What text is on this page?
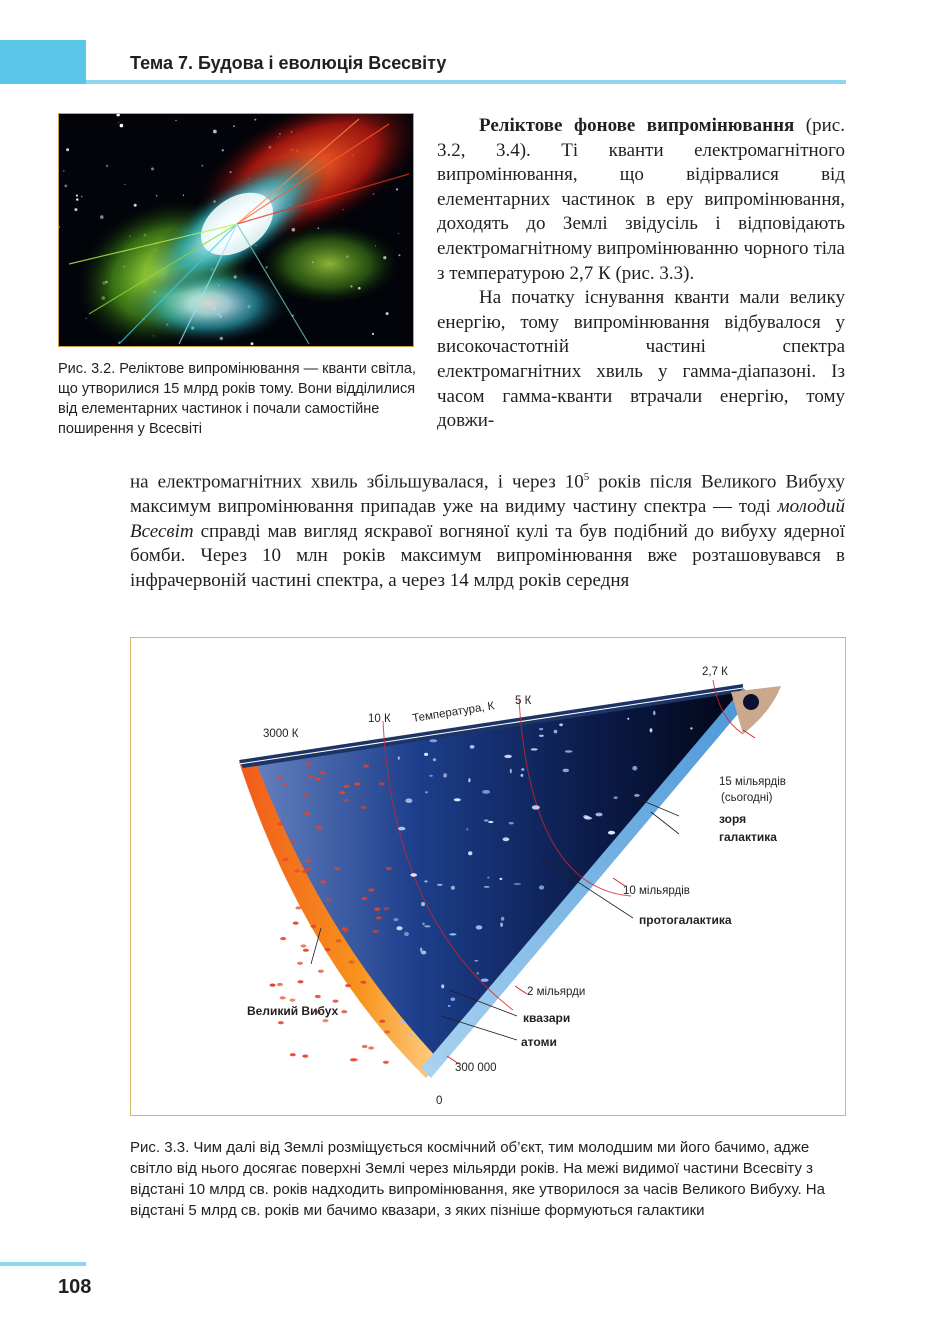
Тема 7. Будова і еволюція Всесвіту
Рис. 3.2. Реліктове випромінювання — кванти світла, що утворилися 15 млрд років тому. Вони відділилися від елементарних частинок і почали самостійне поширення у Всесвіті

Реліктове фонове випромінювання (рис. 3.2, 3.4). Ті кванти електромагнітного випромінювання, що відірвалися від елементарних частинок в еру випромінювання, доходять до Землі звідусіль і відповідають електромагнітному випромінюванню чорного тіла з температурою 2,7 К (рис. 3.3).

На початку існування кванти мали велику енергію, тому випромінювання відбувалося у високочастотній частині спектра електромагнітних хвиль у гамма-діапазоні. Із часом гамма-кванти втрачали енергію, тому довжи-

на електромагнітних хвиль збільшувалася, і через $10^5$ років після Великого Вибуху максимум випромінювання припадав уже на видиму частину спектра — тоді молодий Всесвіт справді мав вигляд яскравої вогняної кулі та був подібний до вибуху ядерної бомби. Через 10 млн років максимум випромінювання вже розташовувався в інфрачервоній частині спектра, а через 14 млрд років середня

3000 К
10 К Температура, К 5 К
2,7 К
15 мільярдів
(сьогодні)
зоря
галактика
10 мільярдів
протогалактика
Час, роки
2 мільярди
квазари
атоми
300 000
0
Великий Вибух
Рис. 3.3. Чим далі від Землі розміщується космічний об’єкт, тим молодшим ми його бачимо, адже світло від нього досягає поверхні Землі через мільярди років. На межі видимої частини Всесвіту з відстані 10 млрд св. років надходить випромінювання, яке утворилося за часів Великого Вибуху. На відстані 5 млрд св. років ми бачимо квазари, з яких пізніше формуються галактики
108
